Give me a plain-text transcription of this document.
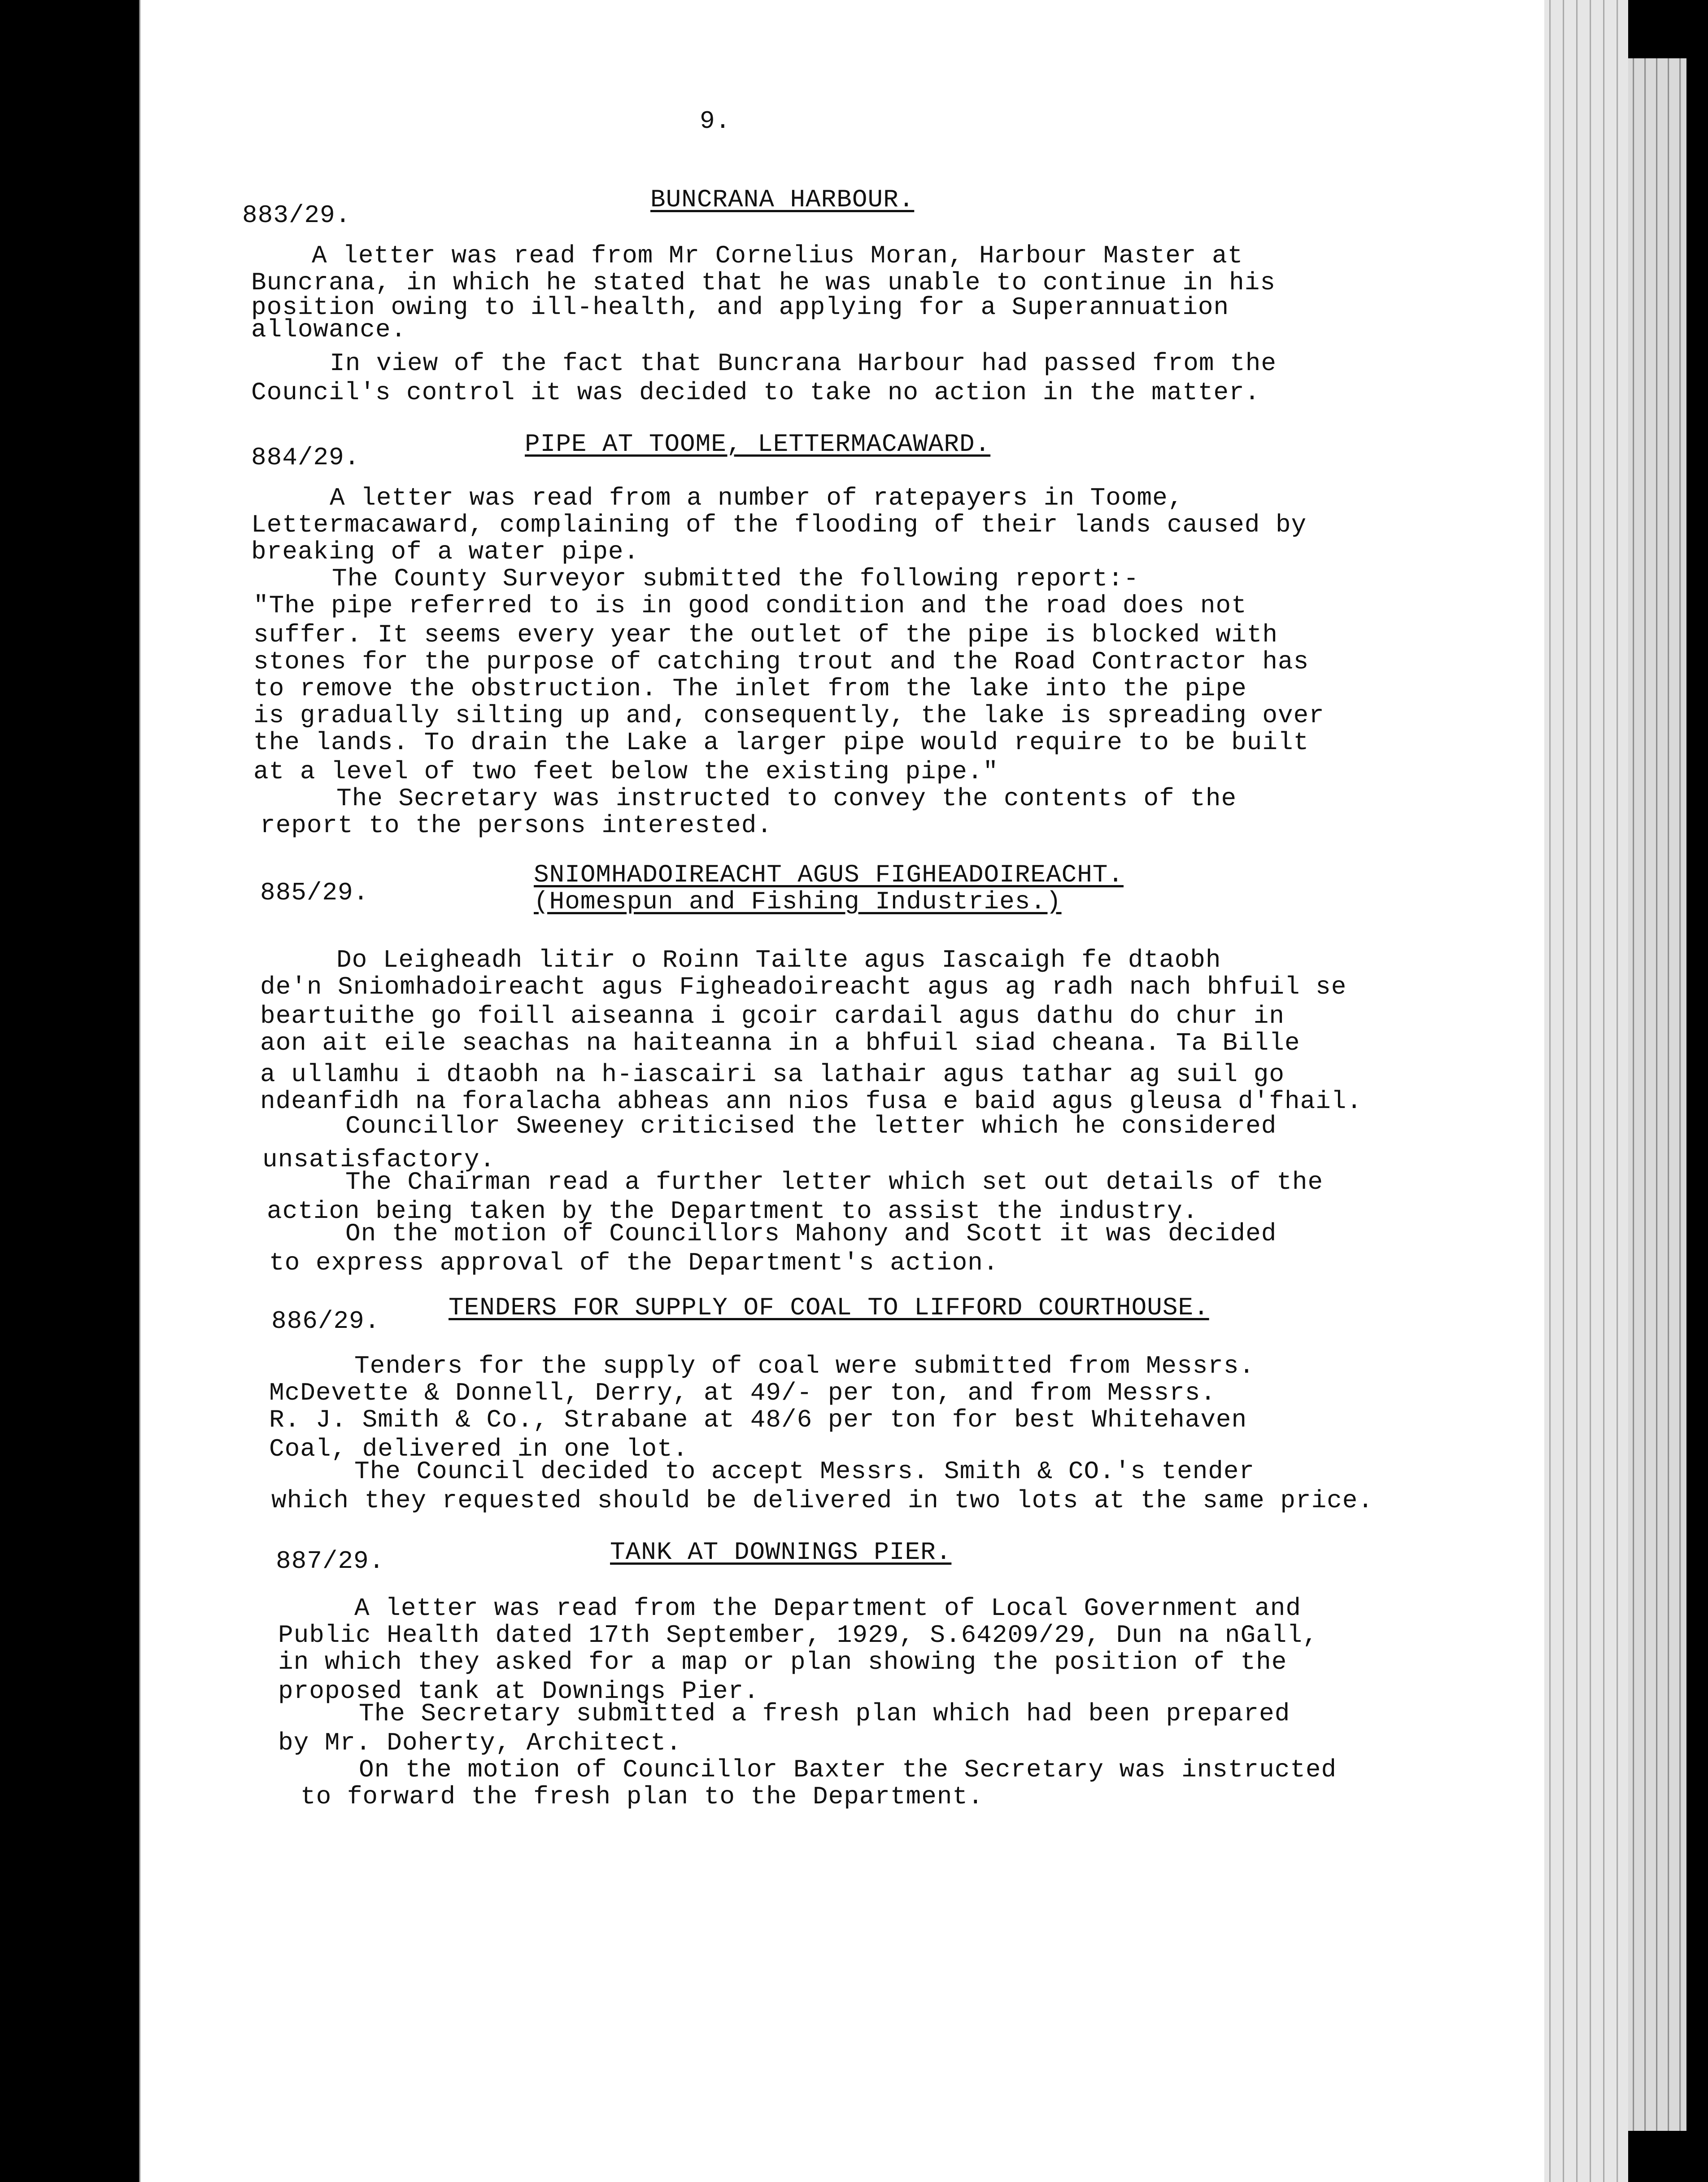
9.
883/29.
BUNCRANA HARBOUR.
A letter was read from Mr Cornelius Moran, Harbour Master at
Buncrana, in which he stated that he was unable to continue in his
position owing to ill-health, and applying for a Superannuation
allowance.
In view of the fact that Buncrana Harbour had passed from the
Council's control it was decided to take no action in the matter.
884/29.	PIPE AT TOOME, LETTERMACAWARD.
A letter was read from a number of ratepayers in Toome,
Lettermacaward, complaining of the flooding of their lands caused by
breaking of a water pipe.
The County Surveyor submitted the following report:-
"The pipe referred to is in good condition and the road does not
suffer. It seems every year the outlet of the pipe is blocked with
stones for the purpose of catching trout and the Road Contractor has
to remove the obstruction. The inlet from the lake into the pipe
is gradually silting up and, consequently, the lake is spreading over
the lands. To drain the Lake a larger pipe would require to be built
at a level of two feet below the existing pipe."
The Secretary was instructed to convey the contents of the
report to the persons interested.
885/29.
SNIOMHADOIREACHT AGUS FIGHEADOIREACHT.
(Homespun and Fishing Industries.)
Do Leigheadh litir o Roinn Tailte agus Iascaigh fe dtaobh
de'n Sniomhadoireacht agus Figheadoireacht agus ag radh nach bhfuil se
beartuithe go foill aiseanna i gcoir cardail agus dathu do chur in
aon ait eile seachas na haiteanna in a bhfuil siad cheana. Ta Bille
a ullamhu i dtaobh na h-iascairi sa lathair agus tathar ag suil go
ndeanfidh na foralacha abheas ann nios fusa e baid agus gleusa d'fhail.
Councillor Sweeney criticised the letter which he considered
unsatisfactory.
The Chairman read a further letter which set out details of the
action being taken by the Department to assist the industry.
On the motion of Councillors Mahony and Scott it was decided
to express approval of the Department's action.
886/29.	TENDERS FOR SUPPLY OF COAL TO LIFFORD COURTHOUSE.
Tenders for the supply of coal were submitted from Messrs.
McDevette & Donnell, Derry, at 49/- per ton, and from Messrs.
R. J. Smith & Co., Strabane at 48/6 per ton for best Whitehaven
Coal, delivered in one lot.
The Council decided to accept Messrs. Smith & CO.'s tender
which they requested should be delivered in two lots at the same price.
887/29.	TANK AT DOWNINGS PIER.
A letter was read from the Department of Local Government and
Public Health dated 17th September, 1929, S.64209/29, Dun na nGall,
in which they asked for a map or plan showing the position of the
proposed tank at Downings Pier.
The Secretary submitted a fresh plan which had been prepared
by Mr. Doherty, Architect.
On the motion of Councillor Baxter the Secretary was instructed
to forward the fresh plan to the Department.
